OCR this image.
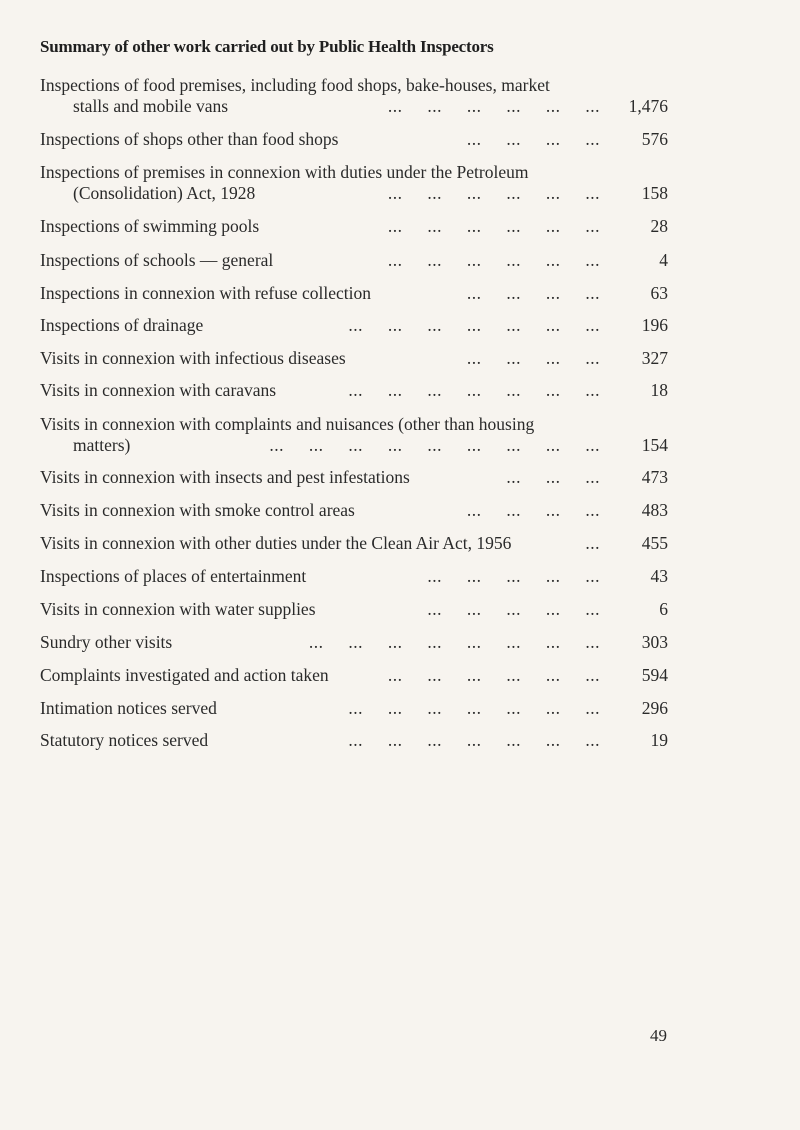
Summary of other work carried out by Public Health Inspectors
Inspections of food premises, including food shops, bake-houses, market
stalls and mobile vans	... ... ... ... ... ... 1,476
Inspections of shops other than food shops	... ... ... ... 576
Inspections of premises in connexion with duties under the Petroleum
(Consolidation) Act, 1928	... ... ... ... ... ... 158
Inspections of swimming pools	... ... ... ... ... ...	28
Inspections of schools — general	... ... ... ... ... ...	4
Inspections in connexion with refuse collection	... ... ... ...	63
Inspections of drainage	... ... ... ... ... ... ... 196
Visits in connexion with infectious diseases	... ... ... ... 327
Visits in connexion with caravans	... ... ... ... ... ... ...	18
Visits in connexion with complaints and nuisances (other than housing
matters)	... ... ... ... ... ... ... ... ... 154
Visits in connexion with insects and pest infestations	... ... ... 473
Visits in connexion with smoke control areas	... ... ... ... 483
Visits in connexion with other duties under the Clean Air Act, 1956	... 455
Inspections of places of entertainment	... ... ... ... ...	43
Visits in connexion with water supplies	... ... ... ... ...	6
Sundry other visits	... ... ... ... ... ... ... ... 303
Complaints investigated and action taken	... ... ... ... ... ... 594
Intimation notices served	... ... ... ... ... ... ... 296
Statutory notices served	... ... ... ... ... ... ...	19
49
